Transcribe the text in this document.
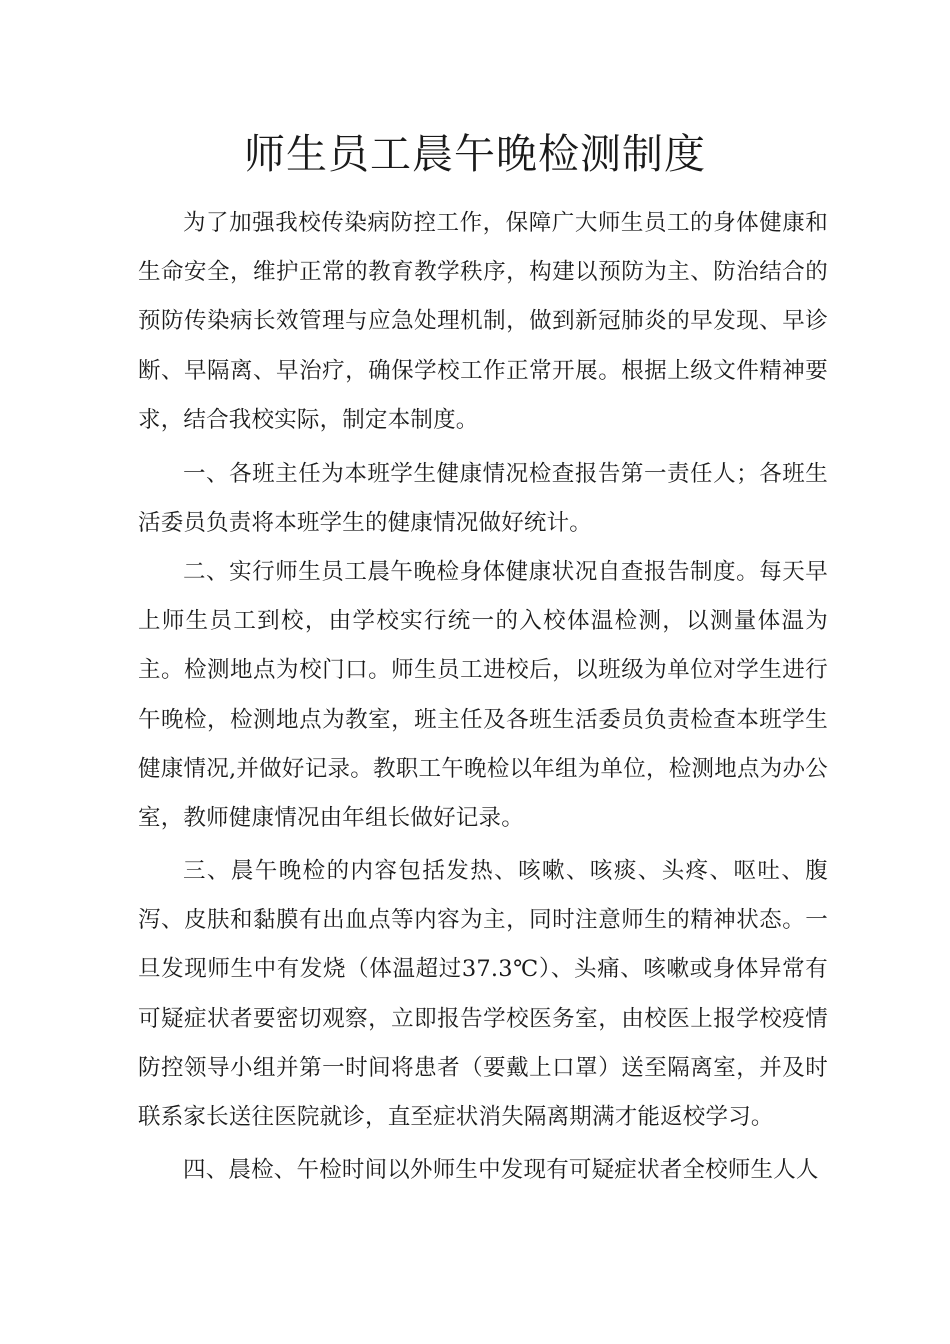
师生员工晨午晚检测制度

为了加强我校传染病防控工作，保障广大师生员工的身体健康和生命安全，维护正常的教育教学秩序，构建以预防为主、防治结合的预防传染病长效管理与应急处理机制，做到新冠肺炎的早发现、早诊断、早隔离、早治疗，确保学校工作正常开展。根据上级文件精神要求，结合我校实际，制定本制度。

一、各班主任为本班学生健康情况检查报告第一责任人；各班生活委员负责将本班学生的健康情况做好统计。

二、实行师生员工晨午晚检身体健康状况自查报告制度。每天早上师生员工到校，由学校实行统一的入校体温检测，以测量体温为主。检测地点为校门口。师生员工进校后，以班级为单位对学生进行午晚检，检测地点为教室，班主任及各班生活委员负责检查本班学生健康情况,并做好记录。教职工午晚检以年组为单位，检测地点为办公室，教师健康情况由年组长做好记录。

三、晨午晚检的内容包括发热、咳嗽、咳痰、头疼、呕吐、腹泻、皮肤和黏膜有出血点等内容为主，同时注意师生的精神状态。一旦发现师生中有发烧（体温超过37.3℃）、头痛、咳嗽或身体异常有可疑症状者要密切观察，立即报告学校医务室，由校医上报学校疫情防控领导小组并第一时间将患者（要戴上口罩）送至隔离室，并及时联系家长送往医院就诊，直至症状消失隔离期满才能返校学习。

四、晨检、午检时间以外师生中发现有可疑症状者全校师生人人
